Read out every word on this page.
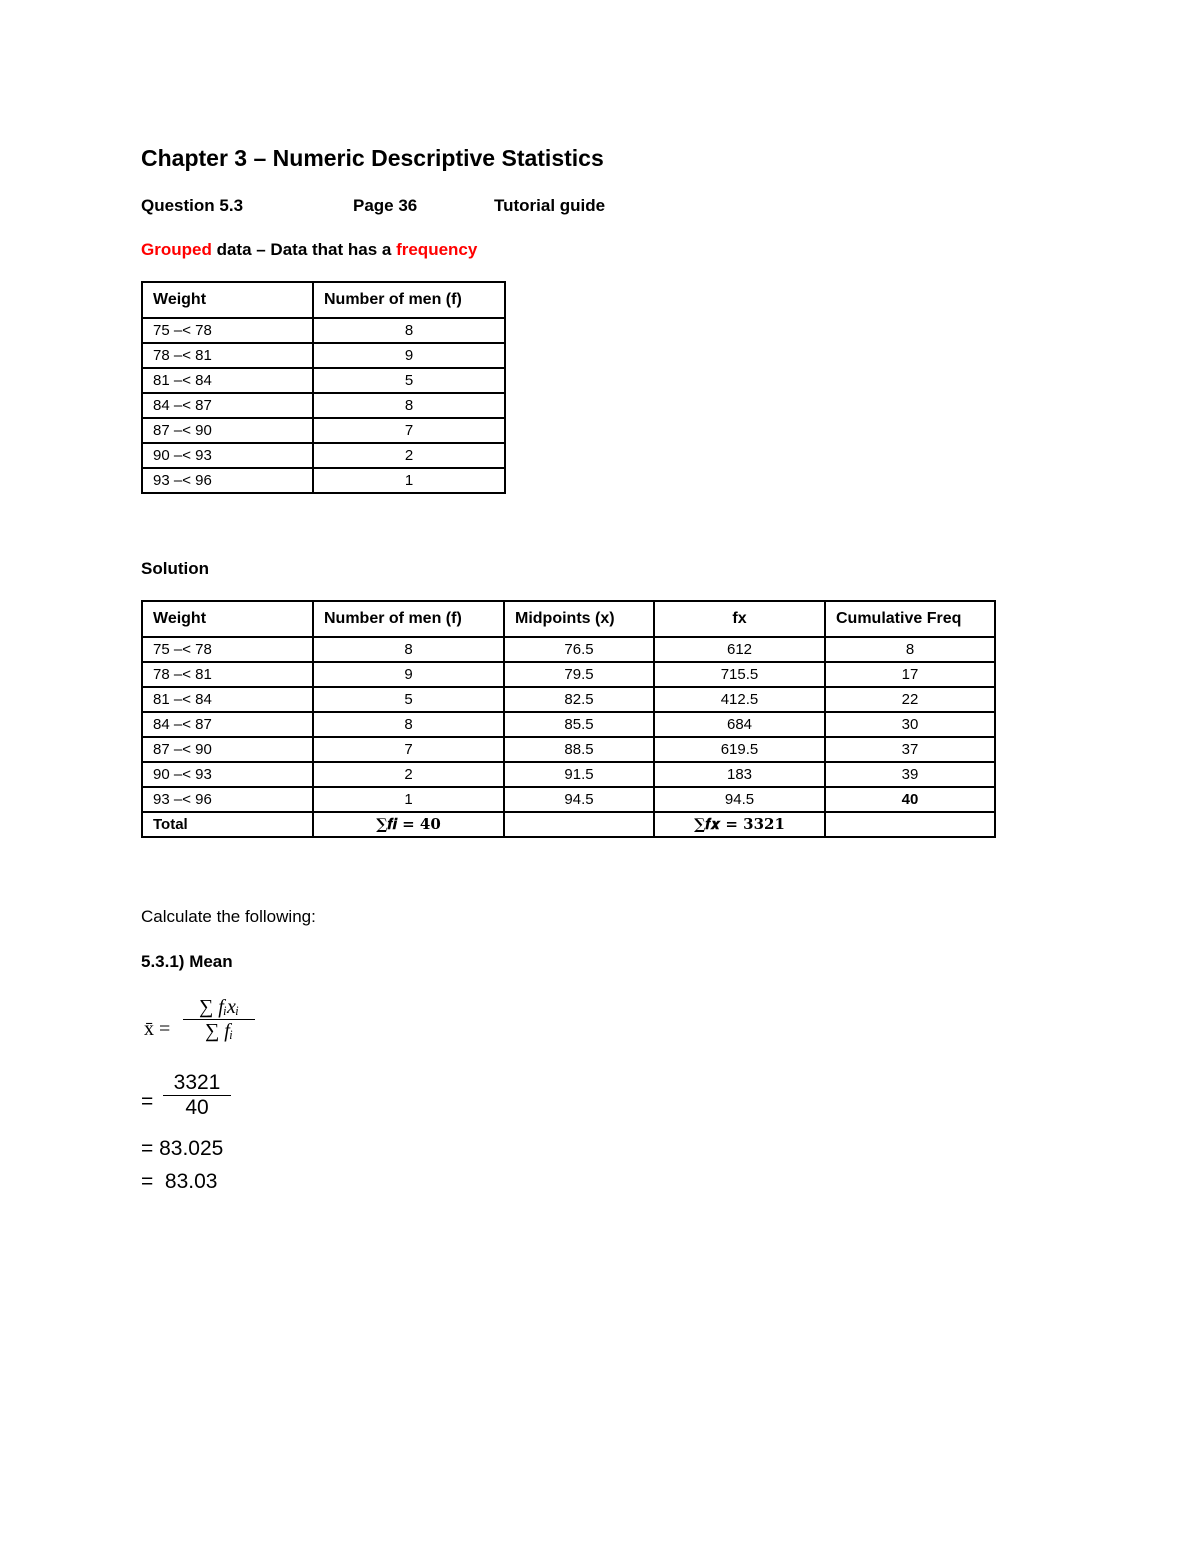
Chapter 3 – Numeric Descriptive Statistics
Question 5.3	Page 36	Tutorial guide
Grouped data – Data that has a frequency
Weight	Number of men (f)
75 –< 78	8
78 –< 81	9
81 –< 84	5
84 –< 87	8
87 –< 90	7
90 –< 93	2
93 –< 96	1
Solution
Weight	Number of men (f)	Midpoints (x)	fx	Cumulative Freq
75 –< 78	8	76.5	612	8
78 –< 81	9	79.5	715.5	17
81 –< 84	5	82.5	412.5	22
84 –< 87	8	85.5	684	30
87 –< 90	7	88.5	619.5	37
90 –< 93	2	91.5	183	39
93 –< 96	1	94.5	94.5	40
Total	∑𝒇𝒊 = 40		∑𝒇𝒙 = 3321	
Calculate the following:
5.3.1) Mean
x̄ =
∑ fᵢxᵢ
∑ fᵢ
=
3321
40
= 83.025
=  83.03
